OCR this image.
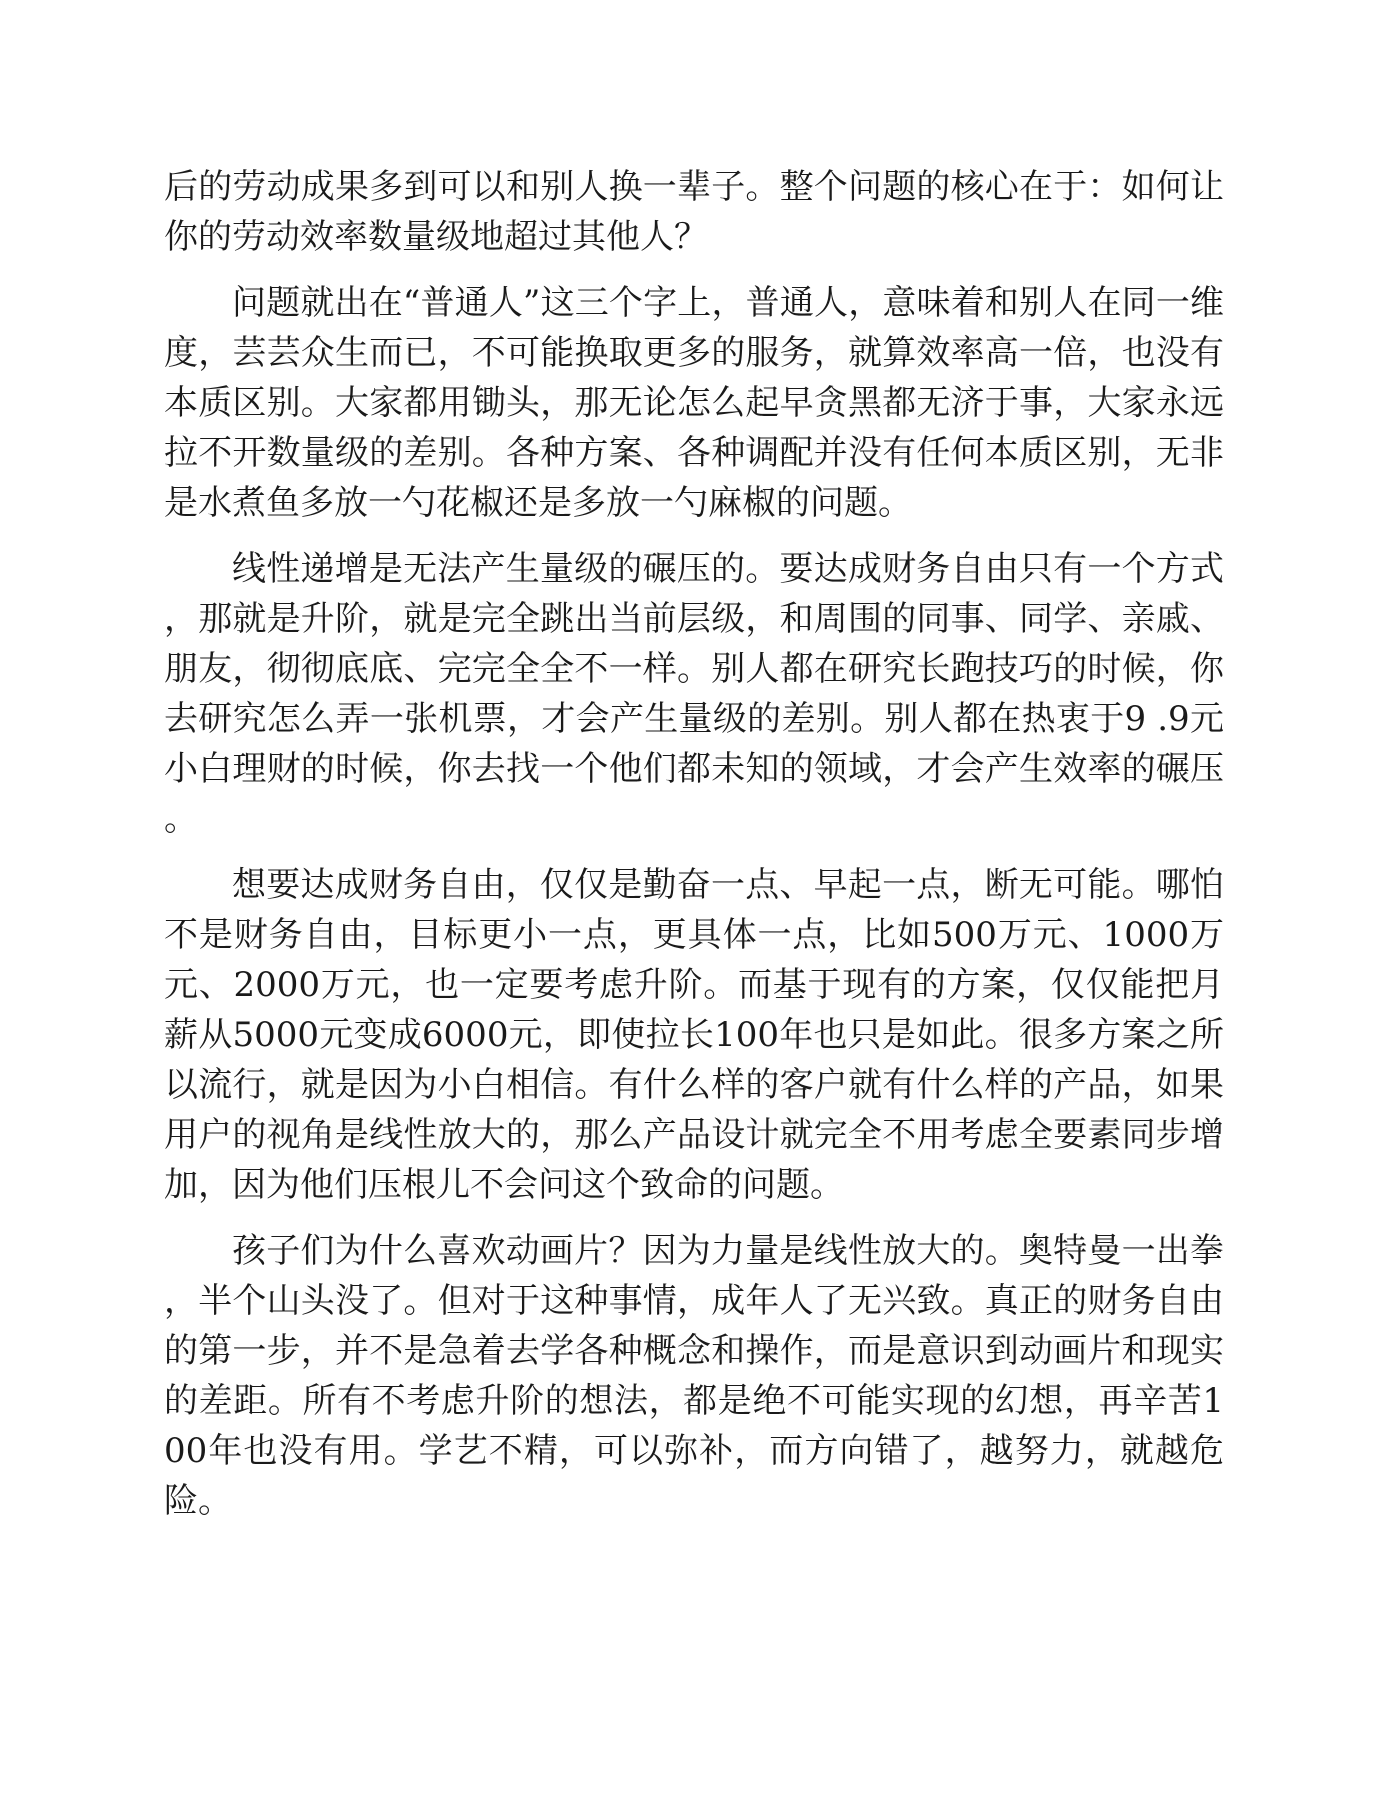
后的劳动成果多到可以和别人换一辈子。整个问题的核心在于：如何让你的劳动效率数量级地超过其他人？

问题就出在“普通人”这三个字上，普通人，意味着和别人在同一维度，芸芸众生而已，不可能换取更多的服务，就算效率高一倍，也没有本质区别。大家都用锄头，那无论怎么起早贪黑都无济于事，大家永远拉不开数量级的差别。各种方案、各种调配并没有任何本质区别，无非是水煮鱼多放一勺花椒还是多放一勺麻椒的问题。

线性递增是无法产生量级的碾压的。要达成财务自由只有一个方式，那就是升阶，就是完全跳出当前层级，和周围的同事、同学、亲戚、朋友，彻彻底底、完完全全不一样。别人都在研究长跑技巧的时候，你去研究怎么弄一张机票，才会产生量级的差别。别人都在热衷于9 .9元小白理财的时候，你去找一个他们都未知的领域，才会产生效率的碾压。

想要达成财务自由，仅仅是勤奋一点、早起一点，断无可能。哪怕不是财务自由，目标更小一点，更具体一点，比如500万元、1000万元、2000万元，也一定要考虑升阶。而基于现有的方案，仅仅能把月薪从5000元变成6000元，即使拉长100年也只是如此。很多方案之所以流行，就是因为小白相信。有什么样的客户就有什么样的产品，如果用户的视角是线性放大的，那么产品设计就完全不用考虑全要素同步增加，因为他们压根儿不会问这个致命的问题。

孩子们为什么喜欢动画片？因为力量是线性放大的。奥特曼一出拳，半个山头没了。但对于这种事情，成年人了无兴致。真正的财务自由的第一步，并不是急着去学各种概念和操作，而是意识到动画片和现实的差距。所有不考虑升阶的想法，都是绝不可能实现的幻想，再辛苦100年也没有用。学艺不精，可以弥补，而方向错了，越努力，就越危险。
